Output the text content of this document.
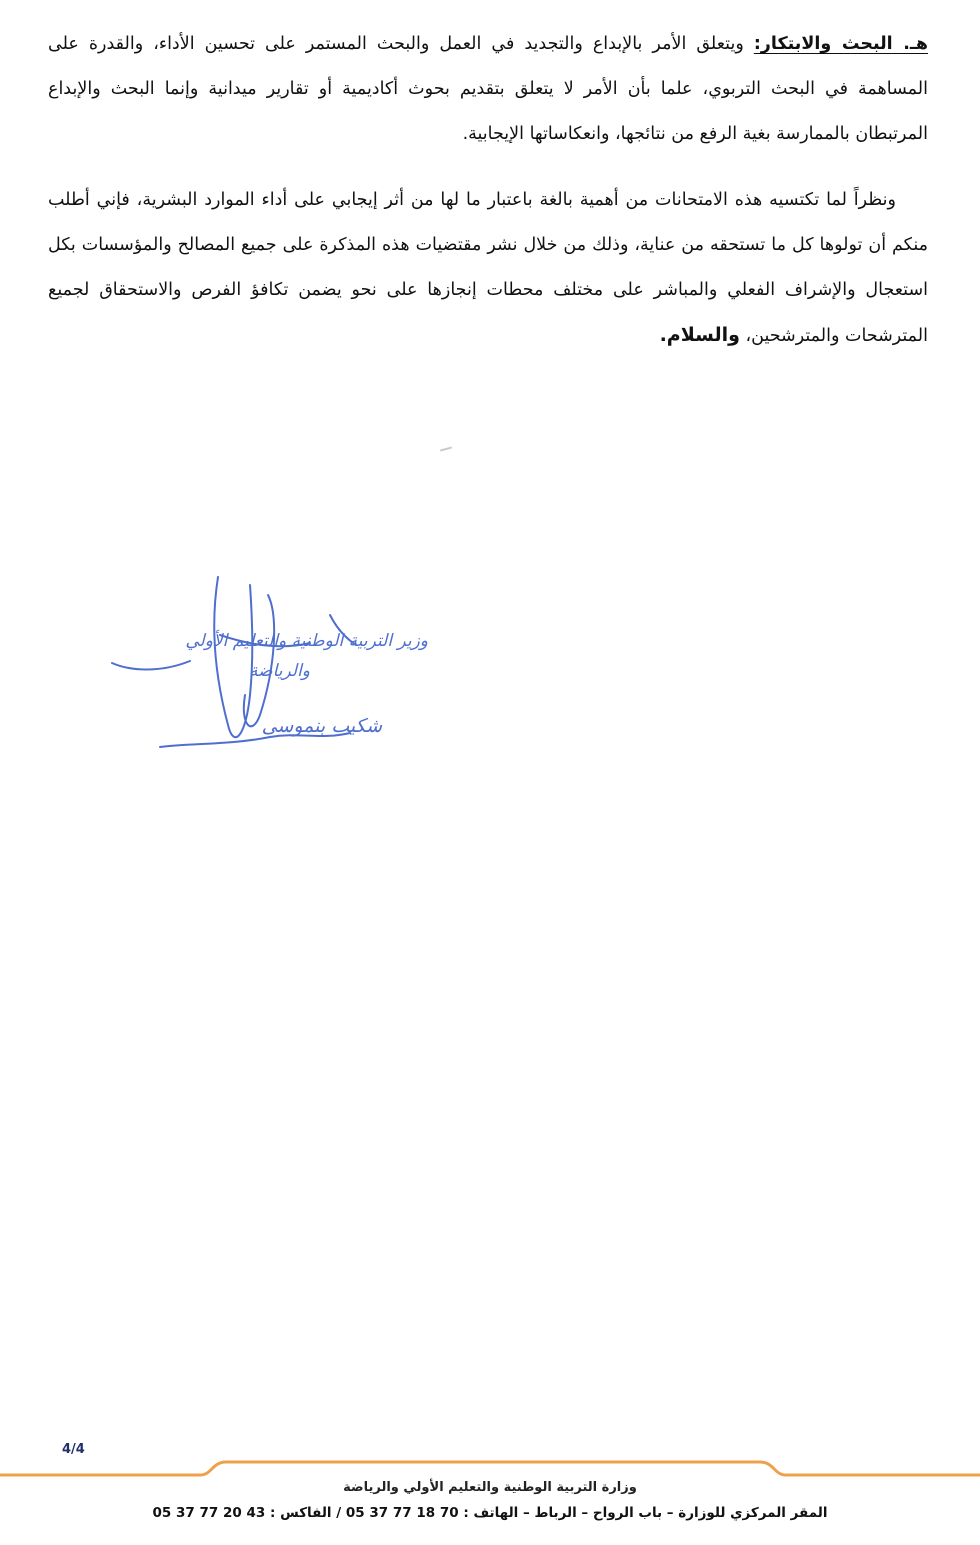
هـ. البحث والابتكار: ويتعلق الأمر بالإبداع والتجديد في العمل والبحث المستمر على تحسين الأداء، والقدرة على المساهمة في البحث التربوي، علما بأن الأمر لا يتعلق بتقديم بحوث أكاديمية أو تقارير ميدانية وإنما البحث والإبداع المرتبطان بالممارسة بغية الرفع من نتائجها، وانعكاساتها الإيجابية.
ونظراً لما تكتسيه هذه الامتحانات من أهمية بالغة باعتبار ما لها من أثر إيجابي على أداء الموارد البشرية، فإني أطلب منكم أن تولوها كل ما تستحقه من عناية، وذلك من خلال نشر مقتضيات هذه المذكرة على جميع المصالح والمؤسسات بكل استعجال والإشراف الفعلي والمباشر على مختلف محطات إنجازها على نحو يضمن تكافؤ الفرص والاستحقاق لجميع المترشحات والمترشحين، والسلام.
وزير التربية الوطنية والتعليم الأولي
والرياضة
شكيب بنموسى
4/4
وزارة التربية الوطنية والتعليم الأولي والرياضة
المقر المركزي للوزارة – باب الرواح – الرباط – الهاتف : 70 18 77 37 05 / الفاكس : 43 20 77 37 05
